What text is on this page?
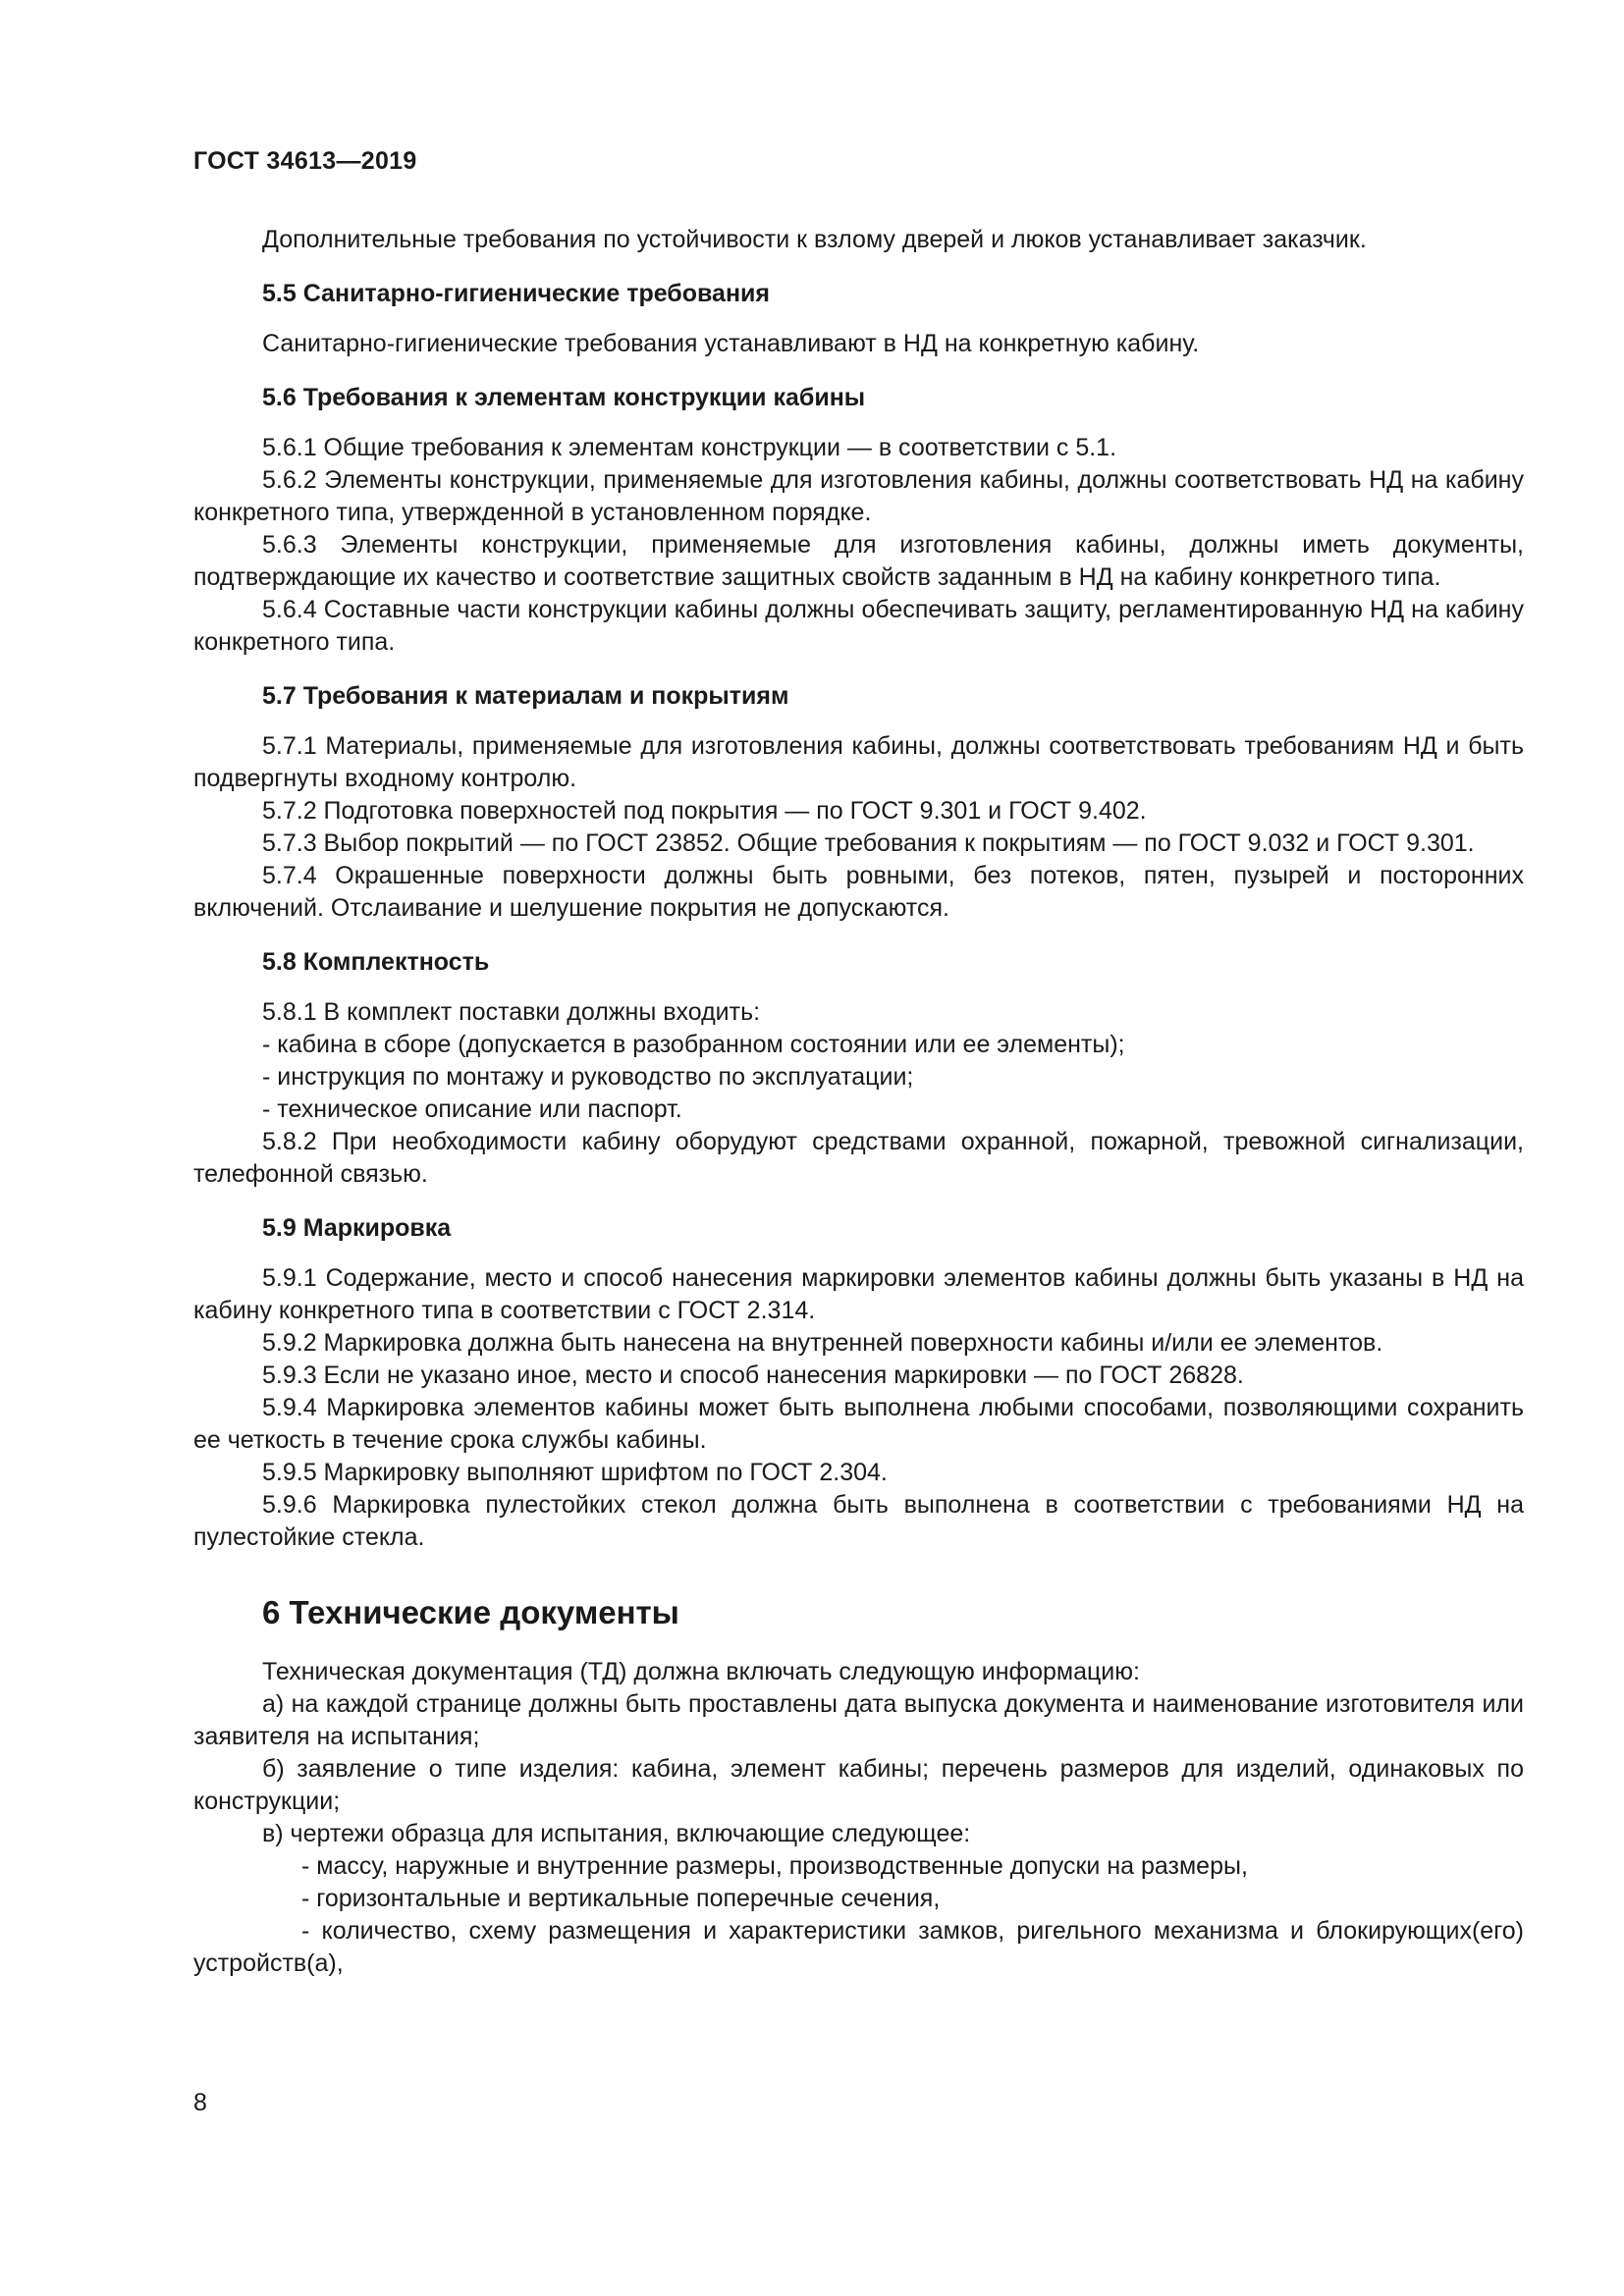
ГОСТ 34613—2019

Дополнительные требования по устойчивости к взлому дверей и люков устанавливает заказчик.

5.5 Санитарно-гигиенические требования

Санитарно-гигиенические требования устанавливают в НД на конкретную кабину.

5.6 Требования к элементам конструкции кабины

5.6.1 Общие требования к элементам конструкции — в соответствии с 5.1.

5.6.2 Элементы конструкции, применяемые для изготовления кабины, должны соответствовать НД на кабину конкретного типа, утвержденной в установленном порядке.

5.6.3 Элементы конструкции, применяемые для изготовления кабины, должны иметь документы, подтверждающие их качество и соответствие защитных свойств заданным в НД на кабину конкретного типа.

5.6.4 Составные части конструкции кабины должны обеспечивать защиту, регламентированную НД на кабину конкретного типа.

5.7 Требования к материалам и покрытиям

5.7.1 Материалы, применяемые для изготовления кабины, должны соответствовать требованиям НД и быть подвергнуты входному контролю.

5.7.2 Подготовка поверхностей под покрытия — по ГОСТ 9.301 и ГОСТ 9.402.

5.7.3 Выбор покрытий — по ГОСТ 23852. Общие требования к покрытиям — по ГОСТ 9.032 и ГОСТ 9.301.

5.7.4 Окрашенные поверхности должны быть ровными, без потеков, пятен, пузырей и посторонних включений. Отслаивание и шелушение покрытия не допускаются.

5.8 Комплектность

5.8.1 В комплект поставки должны входить:

- кабина в сборе (допускается в разобранном состоянии или ее элементы);

- инструкция по монтажу и руководство по эксплуатации;

- техническое описание или паспорт.

5.8.2 При необходимости кабину оборудуют средствами охранной, пожарной, тревожной сигнализации, телефонной связью.

5.9 Маркировка

5.9.1 Содержание, место и способ нанесения маркировки элементов кабины должны быть указаны в НД на кабину конкретного типа в соответствии с ГОСТ 2.314.

5.9.2 Маркировка должна быть нанесена на внутренней поверхности кабины и/или ее элементов.

5.9.3 Если не указано иное, место и способ нанесения маркировки — по ГОСТ 26828.

5.9.4 Маркировка элементов кабины может быть выполнена любыми способами, позволяющими сохранить ее четкость в течение срока службы кабины.

5.9.5 Маркировку выполняют шрифтом по ГОСТ 2.304.

5.9.6 Маркировка пулестойких стекол должна быть выполнена в соответствии с требованиями НД на пулестойкие стекла.

6 Технические документы

Техническая документация (ТД) должна включать следующую информацию:

а) на каждой странице должны быть проставлены дата выпуска документа и наименование изготовителя или заявителя на испытания;

б) заявление о типе изделия: кабина, элемент кабины; перечень размеров для изделий, одинаковых по конструкции;

в) чертежи образца для испытания, включающие следующее:

- массу, наружные и внутренние размеры, производственные допуски на размеры,

- горизонтальные и вертикальные поперечные сечения,

- количество, схему размещения и характеристики замков, ригельного механизма и блокирующих(его) устройств(а),

8
